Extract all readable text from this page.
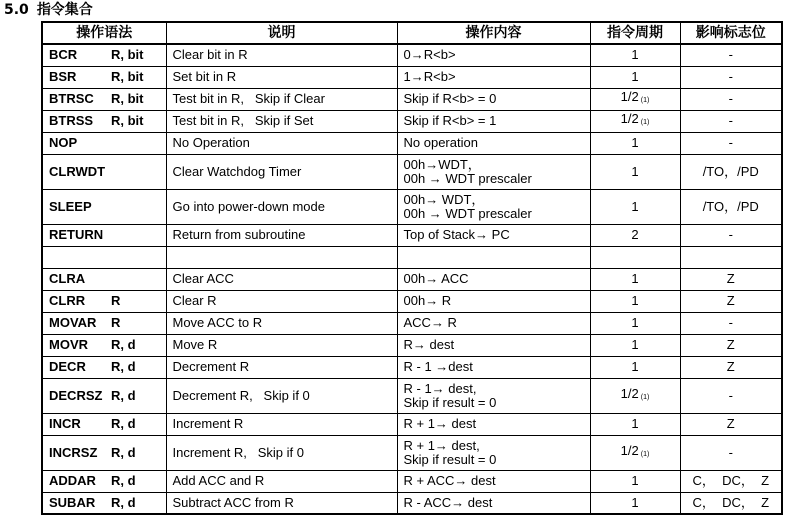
5.0 指令集合
操作语法	说明	操作内容	指令周期	影响标志位
BCR R, bit	Clear bit in R	0→R<b>	1	-
BSR R, bit	Set bit in R	1→R<b>	1	-
BTRSC R, bit	Test bit in R,   Skip if Clear	Skip if R<b> = 0	1/2 (1)	-
BTRSS R, bit	Test bit in R,   Skip if Set	Skip if R<b> = 1	1/2 (1)	-
NOP	No Operation	No operation	1	-
CLRWDT	Clear Watchdog Timer	00h→WDT，
00h → WDT prescaler	1	/TO，/PD
SLEEP	Go into power-down mode	00h→ WDT，
00h → WDT prescaler	1	/TO，/PD
RETURN	Return from subroutine	Top of Stack→ PC	2	-

CLRA	Clear ACC	00h→ ACC	1	Z
CLRR R	Clear R	00h→ R	1	Z
MOVAR R	Move ACC to R	ACC→ R	1	-
MOVR R, d	Move R	R→ dest	1	Z
DECR R, d	Decrement R	R - 1 →dest	1	Z
DECRSZ R, d	Decrement R,   Skip if 0	R - 1→ dest,
Skip if result = 0	1/2 (1)	-
INCR R, d	Increment R	R + 1→ dest	1	Z
INCRSZ R, d	Increment R,   Skip if 0	R + 1→ dest,
Skip if result = 0	1/2 (1)	-
ADDAR R, d	Add ACC and R	R + ACC→ dest	1	C，  DC，  Z
SUBAR R, d	Subtract ACC from R	R - ACC→ dest	1	C，  DC，  Z
